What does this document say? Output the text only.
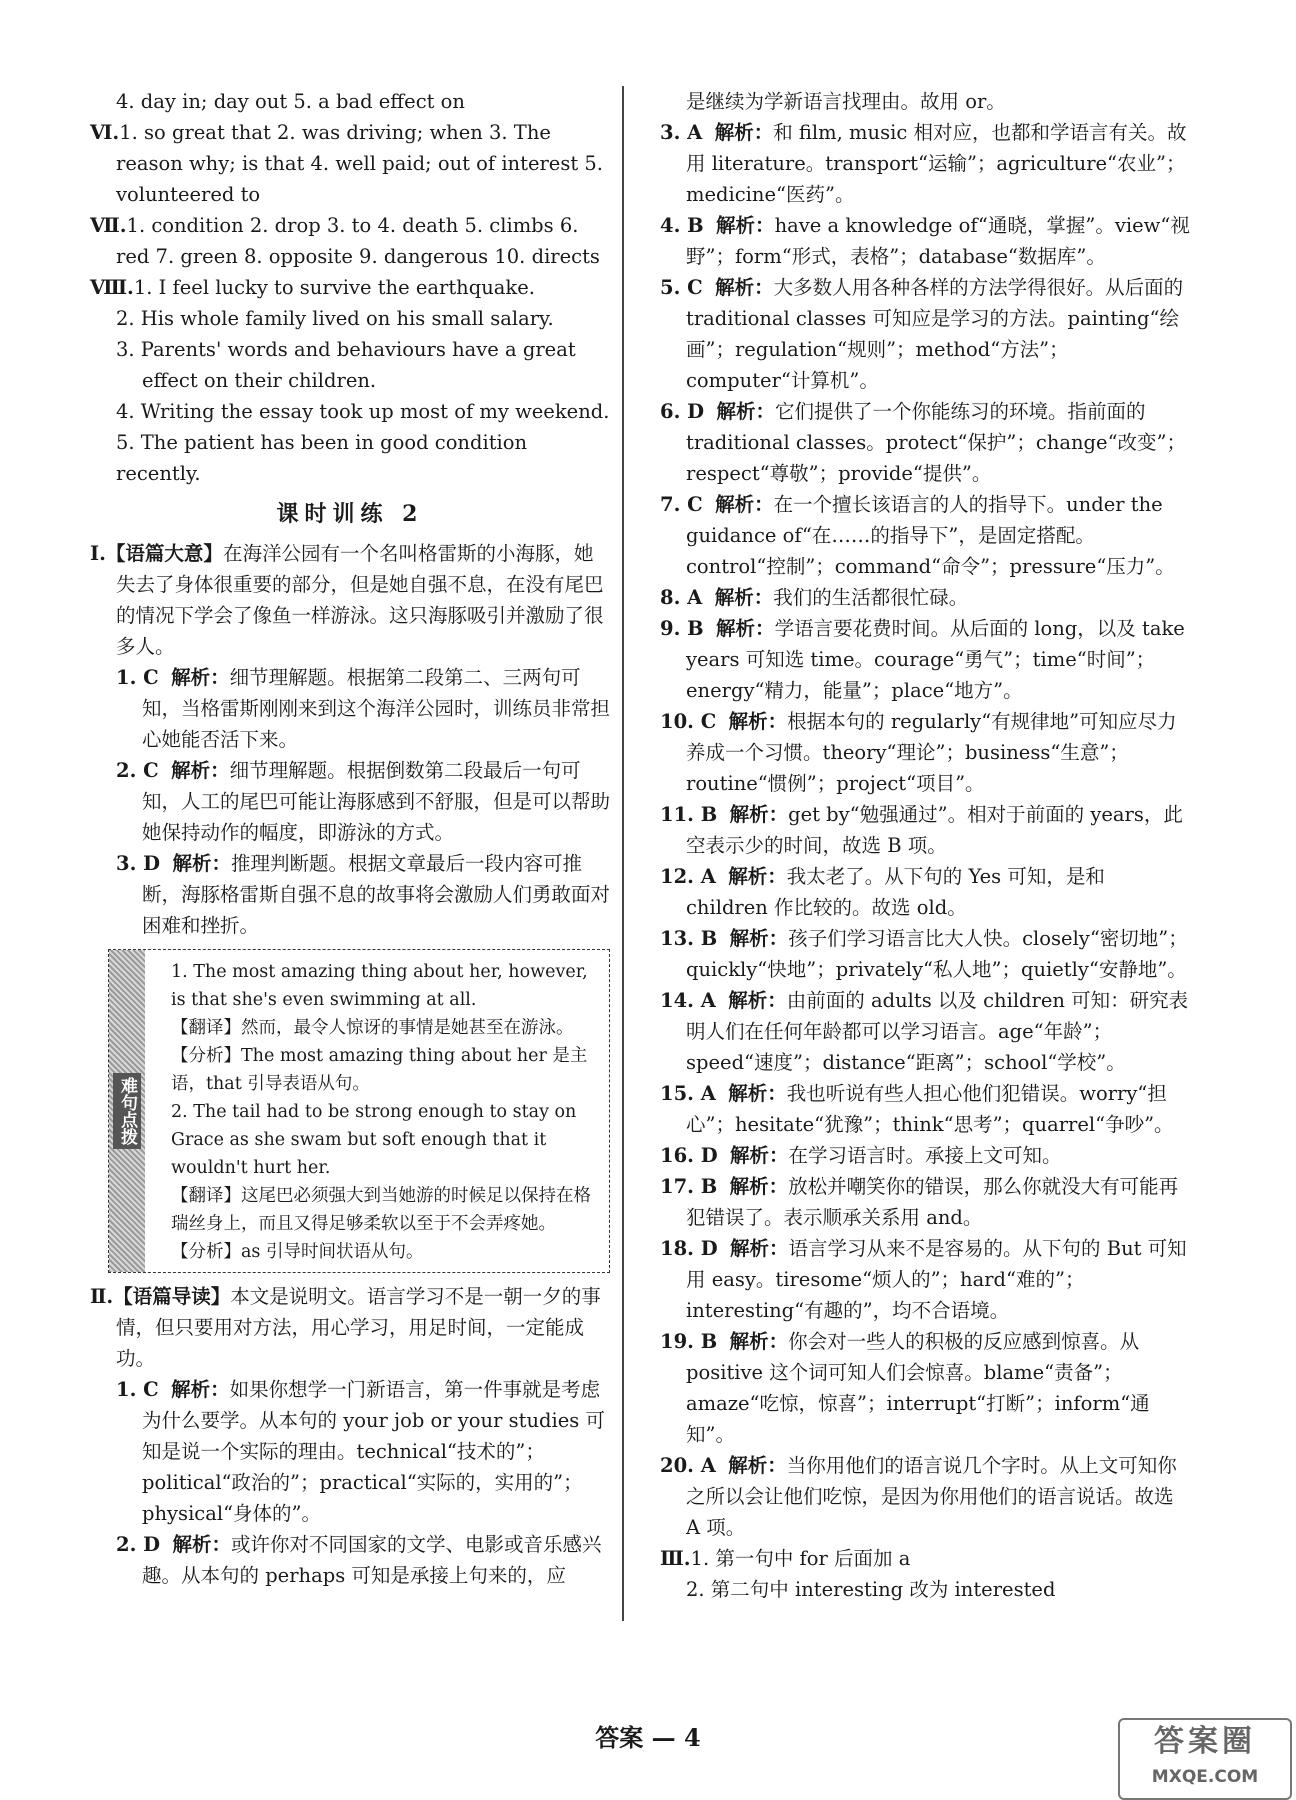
4. day in; day out 5. a bad effect on
Ⅵ.1. so great that 2. was driving; when 3. The reason why; is that 4. well paid; out of interest 5. volunteered to
Ⅶ.1. condition 2. drop 3. to 4. death 5. climbs 6. red 7. green 8. opposite 9. dangerous 10. directs
Ⅷ.1. I feel lucky to survive the earthquake.
2. His whole family lived on his small salary.
3. Parents' words and behaviours have a great effect on their children.
4. Writing the essay took up most of my weekend.
5. The patient has been in good condition recently.
课时训练 2
Ⅰ.【语篇大意】在海洋公园有一个名叫格雷斯的小海豚，她失去了身体很重要的部分，但是她自强不息，在没有尾巴的情况下学会了像鱼一样游泳。这只海豚吸引并激励了很多人。
1. C 解析：细节理解题。根据第二段第二、三两句可知，当格雷斯刚刚来到这个海洋公园时，训练员非常担心她能否活下来。
2. C 解析：细节理解题。根据倒数第二段最后一句可知，人工的尾巴可能让海豚感到不舒服，但是可以帮助她保持动作的幅度，即游泳的方式。
3. D 解析：推理判断题。根据文章最后一段内容可推断，海豚格雷斯自强不息的故事将会激励人们勇敢面对困难和挫折。
难句点拨
1. The most amazing thing about her, however, is that she's even swimming at all.
【翻译】然而，最令人惊讶的事情是她甚至在游泳。
【分析】The most amazing thing about her 是主语，that 引导表语从句。
2. The tail had to be strong enough to stay on Grace as she swam but soft enough that it wouldn't hurt her.
【翻译】这尾巴必须强大到当她游的时候足以保持在格瑞丝身上，而且又得足够柔软以至于不会弄疼她。
【分析】as 引导时间状语从句。
Ⅱ.【语篇导读】本文是说明文。语言学习不是一朝一夕的事情，但只要用对方法，用心学习，用足时间，一定能成功。
1. C 解析：如果你想学一门新语言，第一件事就是考虑为什么要学。从本句的 your job or your studies 可知是说一个实际的理由。technical“技术的”；political“政治的”；practical“实际的，实用的”；physical“身体的”。
2. D 解析：或许你对不同国家的文学、电影或音乐感兴趣。从本句的 perhaps 可知是承接上句来的，应
是继续为学新语言找理由。故用 or。
3. A 解析：和 film, music 相对应，也都和学语言有关。故用 literature。transport“运输”；agriculture“农业”；medicine“医药”。
4. B 解析：have a knowledge of“通晓，掌握”。view“视野”；form“形式，表格”；database“数据库”。
5. C 解析：大多数人用各种各样的方法学得很好。从后面的 traditional classes 可知应是学习的方法。painting“绘画”；regulation“规则”；method“方法”；computer“计算机”。
6. D 解析：它们提供了一个你能练习的环境。指前面的 traditional classes。protect“保护”；change“改变”；respect“尊敬”；provide“提供”。
7. C 解析：在一个擅长该语言的人的指导下。under the guidance of“在……的指导下”，是固定搭配。control“控制”；command“命令”；pressure“压力”。
8. A 解析：我们的生活都很忙碌。
9. B 解析：学语言要花费时间。从后面的 long，以及 take years 可知选 time。courage“勇气”；time“时间”；energy“精力，能量”；place“地方”。
10. C 解析：根据本句的 regularly“有规律地”可知应尽力养成一个习惯。theory“理论”；business“生意”；routine“惯例”；project“项目”。
11. B 解析：get by“勉强通过”。相对于前面的 years，此空表示少的时间，故选 B 项。
12. A 解析：我太老了。从下句的 Yes 可知，是和 children 作比较的。故选 old。
13. B 解析：孩子们学习语言比大人快。closely“密切地”；quickly“快地”；privately“私人地”；quietly“安静地”。
14. A 解析：由前面的 adults 以及 children 可知：研究表明人们在任何年龄都可以学习语言。age“年龄”；speed“速度”；distance“距离”；school“学校”。
15. A 解析：我也听说有些人担心他们犯错误。worry“担心”；hesitate“犹豫”；think“思考”；quarrel“争吵”。
16. D 解析：在学习语言时。承接上文可知。
17. B 解析：放松并嘲笑你的错误，那么你就没大有可能再犯错误了。表示顺承关系用 and。
18. D 解析：语言学习从来不是容易的。从下句的 But 可知用 easy。tiresome“烦人的”；hard“难的”；interesting“有趣的”，均不合语境。
19. B 解析：你会对一些人的积极的反应感到惊喜。从 positive 这个词可知人们会惊喜。blame“责备”；amaze“吃惊，惊喜”；interrupt“打断”；inform“通知”。
20. A 解析：当你用他们的语言说几个字时。从上文可知你之所以会让他们吃惊，是因为你用他们的语言说话。故选 A 项。
Ⅲ.1. 第一句中 for 后面加 a
2. 第二句中 interesting 改为 interested
答案 — 4	答案圈
MXQE.COM
